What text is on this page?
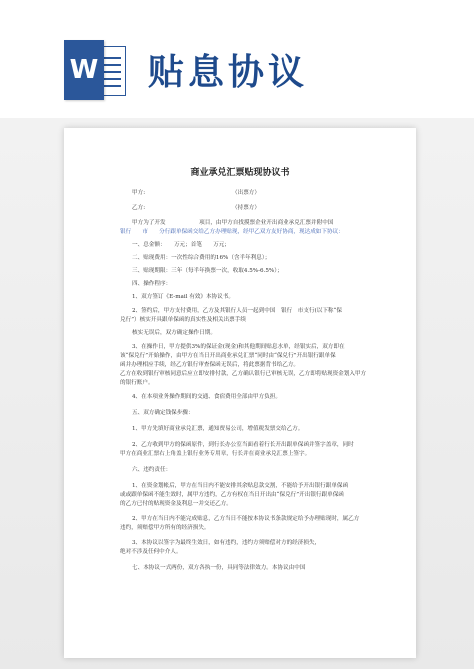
W 贴息协议
商业承兑汇票贴现协议书
甲方:	（出票方）
乙方:	（持票方）
甲方为了开发　　　　　　项目，由甲方自找摸票企业开出商业承兑汇票并附中国
银行　　市　　分行跟单保函交给乙方办理贴现，经甲乙双方友好协商，现达成如下协议：
一、总金额：　　万元；首笔　　万元；
二、贴现费用：一次性综合费用的16%（含半年利息）；
三、贴现期限：三年（每半年换票一次，收取4.5%-6.5%）；
四、操作程序：
1、双方签订《E-mail 有效》本协议书。
2、签约后，甲方支付费用，乙方及其银行人员一起到中国　银行　市支行(以下称“保
兑行”）核实开具跟单保函的真实性及相关出票手续
核实无误后，双方确定操作日期。
3、在操作日，甲方提供3%的保证金(现金)和其他期间贴息水单，经银实后，双方即在
该“保兑行”开始操作，由甲方在当日开出商业承兑汇票“同时由“保兑行”开出银行跟单保
函并办理相应手续，经乙方银行审查保函无误后，将此票据背书给乙方。
乙方在收到银行审核同意后应立即安排付款，乙方确认银行已审核无误，乙方即将贴现资金划入甲方
的银行账户。
4、在本项业务操作期间的交通、食宿费用全部由甲方负担。
五、双方确定钱保步骤：
1、甲方先填好商业承兑汇票，通知贾易公司，增值税发票交给乙方。
2、乙方收到甲方的保函原件，到行长办公室当面看着行长开出跟单保函并签字盖章，同时
甲方在商业汇票右上角盖上银行业务专用章，行长并在商业承兑汇票上签字。
六、违约责任：
1、在资金划帐后，甲方在当日内不能安排其余贴息款交割，不能给予开出银行跟单保函
或或跟单保函不能生效时，属甲方违约，乙方有权在当日开出由“保兑行”开出银行跟单保函
的乙方已付的贴现资金及利息一并交还乙方。
2、甲方在当日内不能完成贴息，乙方当日不能按本协议书条款规定给予办理贴现时，属乙方
违约，须赔偿甲方所有的经济损失。
3、本协议以签字为最终生效日，如有违约，违约方须赔偿对方的经济损失，
绝对不涉及任何中介人。
七、本协议一式两份，双方各执一份，具同等法律效力。本协议由中国
